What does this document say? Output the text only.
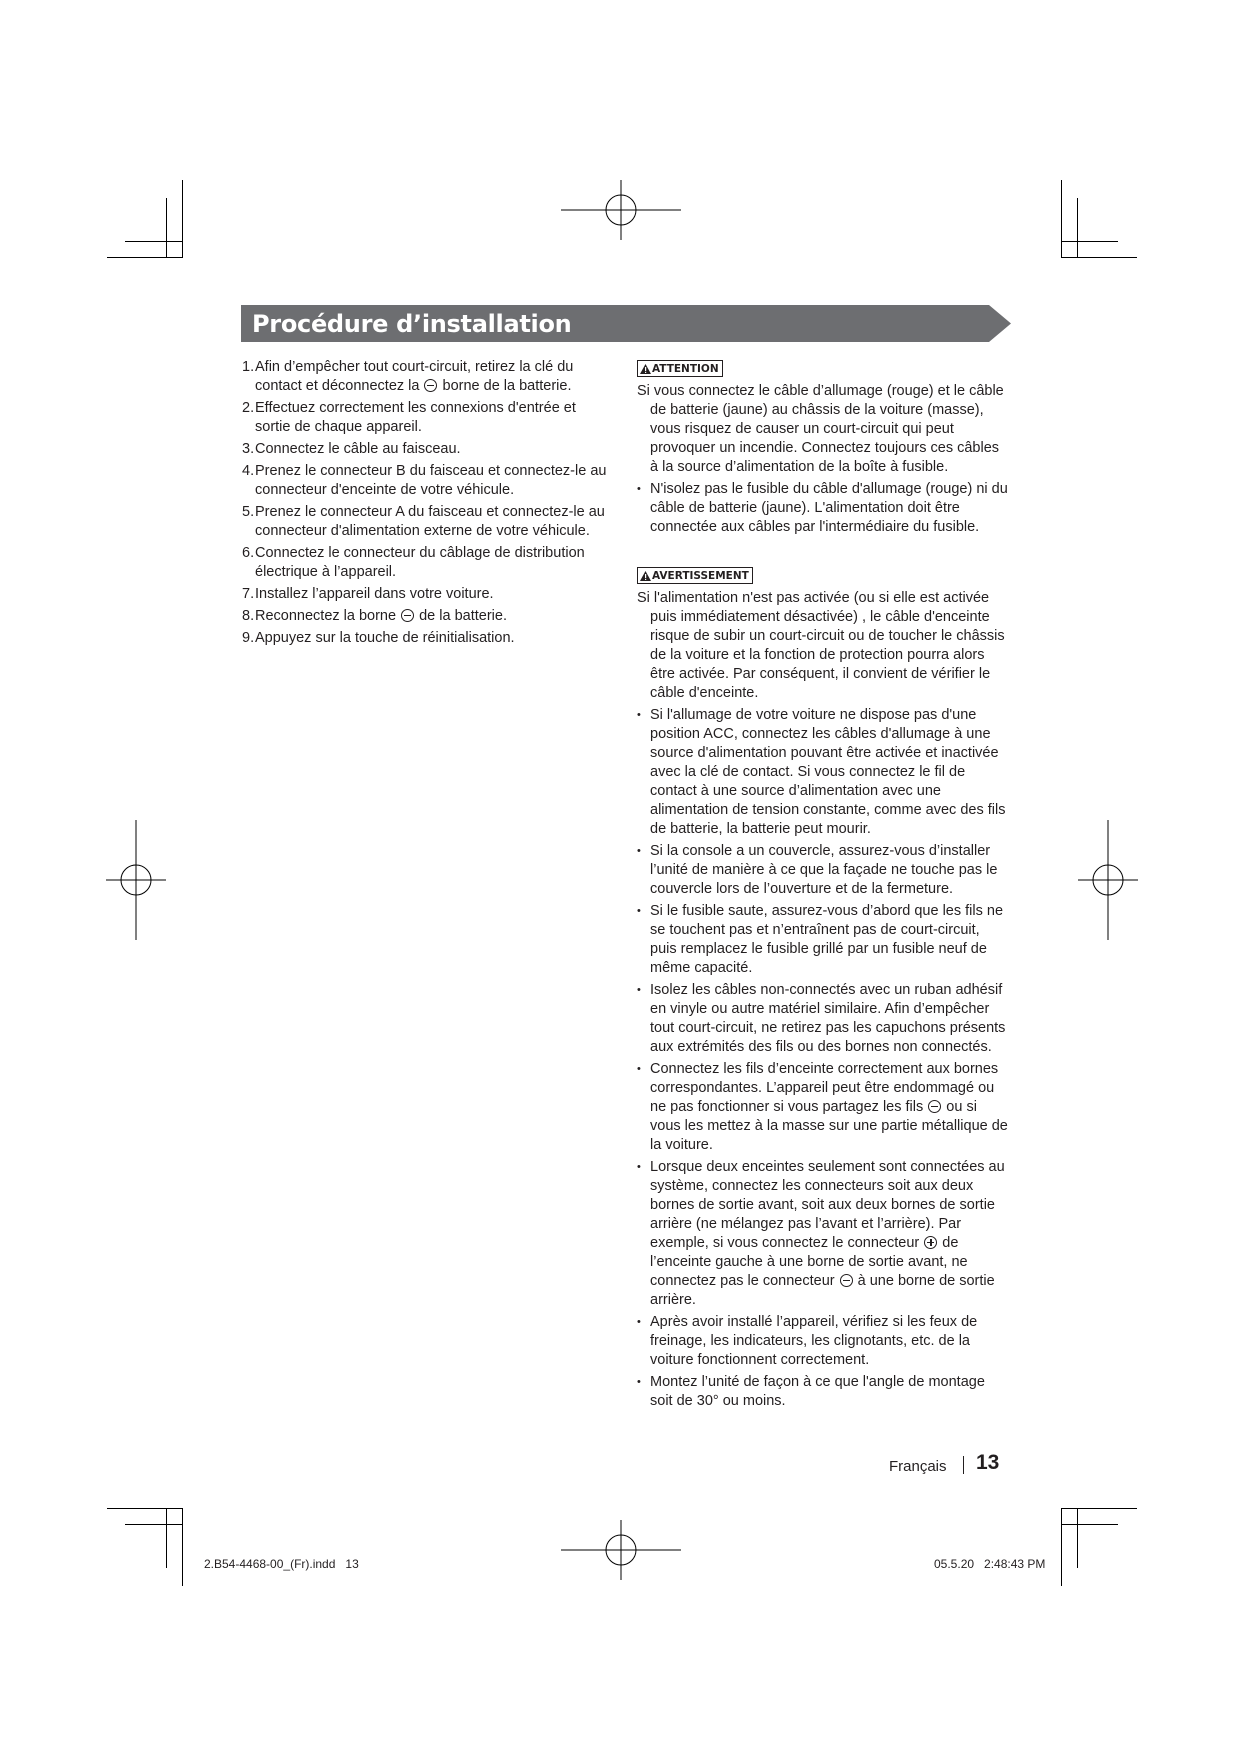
Procédure d’installation
1. Afin d’empêcher tout court-circuit, retirez la clé du contact et déconnectez la  borne de la batterie.
2. Effectuez correctement les connexions d'entrée et sortie de chaque appareil.
3. Connectez le câble au faisceau.
4. Prenez le connecteur B du faisceau et connectez-le au connecteur d'enceinte de votre véhicule.
5. Prenez le connecteur A du faisceau et connectez-le au connecteur d'alimentation externe de votre véhicule.
6. Connectez le connecteur du câblage de distribution électrique à l’appareil.
7. Installez l’appareil dans votre voiture.
8. Reconnectez la borne  de la batterie.
9. Appuyez sur la touche de réinitialisation.
ATTENTION
Si vous connectez le câble d’allumage (rouge) et le câble de batterie (jaune) au châssis de la voiture (masse), vous risquez de causer un court-circuit qui peut provoquer un incendie. Connectez toujours ces câbles à la source d’alimentation de la boîte à fusible.
• N'isolez pas le fusible du câble d'allumage (rouge) ni du câble de batterie (jaune). L'alimentation doit être connectée aux câbles par l'intermédiaire du fusible.
AVERTISSEMENT
Si l'alimentation n'est pas activée (ou si elle est activée puis immédiatement désactivée) , le câble d'enceinte risque de subir un court-circuit ou de toucher le châssis de la voiture et la fonction de protection pourra alors être activée. Par conséquent, il convient de vérifier le câble d'enceinte.
• Si l'allumage de votre voiture ne dispose pas d'une position ACC, connectez les câbles d'allumage à une source d'alimentation pouvant être activée et inactivée avec la clé de contact. Si vous connectez le fil de contact à une source d’alimentation avec une alimentation de tension constante, comme avec des fils de batterie, la batterie peut mourir.
• Si la console a un couvercle, assurez-vous d’installer l’unité de manière à ce que la façade ne touche pas le couvercle lors de l’ouverture et de la fermeture.
• Si le fusible saute, assurez-vous d’abord que les fils ne se touchent pas et n’entraînent pas de court-circuit, puis remplacez le fusible grillé par un fusible neuf de même capacité.
• Isolez les câbles non-connectés avec un ruban adhésif en vinyle ou autre matériel similaire. Afin d’empêcher tout court-circuit, ne retirez pas les capuchons présents aux extrémités des fils ou des bornes non connectés.
• Connectez les fils d’enceinte correctement aux bornes correspondantes. L’appareil peut être endommagé ou ne pas fonctionner si vous partagez les fils  ou si vous les mettez à la masse sur une partie métallique de la voiture.
• Lorsque deux enceintes seulement sont connectées au système, connectez les connecteurs soit aux deux bornes de sortie avant, soit aux deux bornes de sortie arrière (ne mélangez pas l’avant et l’arrière). Par exemple, si vous connectez le connecteur  de l’enceinte gauche à une borne de sortie avant, ne connectez pas le connecteur  à une borne de sortie arrière.
• Après avoir installé l’appareil, vérifiez si les feux de freinage, les indicateurs, les clignotants, etc. de la voiture fonctionnent correctement.
• Montez l’unité de façon à ce que l'angle de montage soit de 30° ou moins.
Français 13
2.B54-4468-00_(Fr).indd   13	05.5.20   2:48:43 PM
